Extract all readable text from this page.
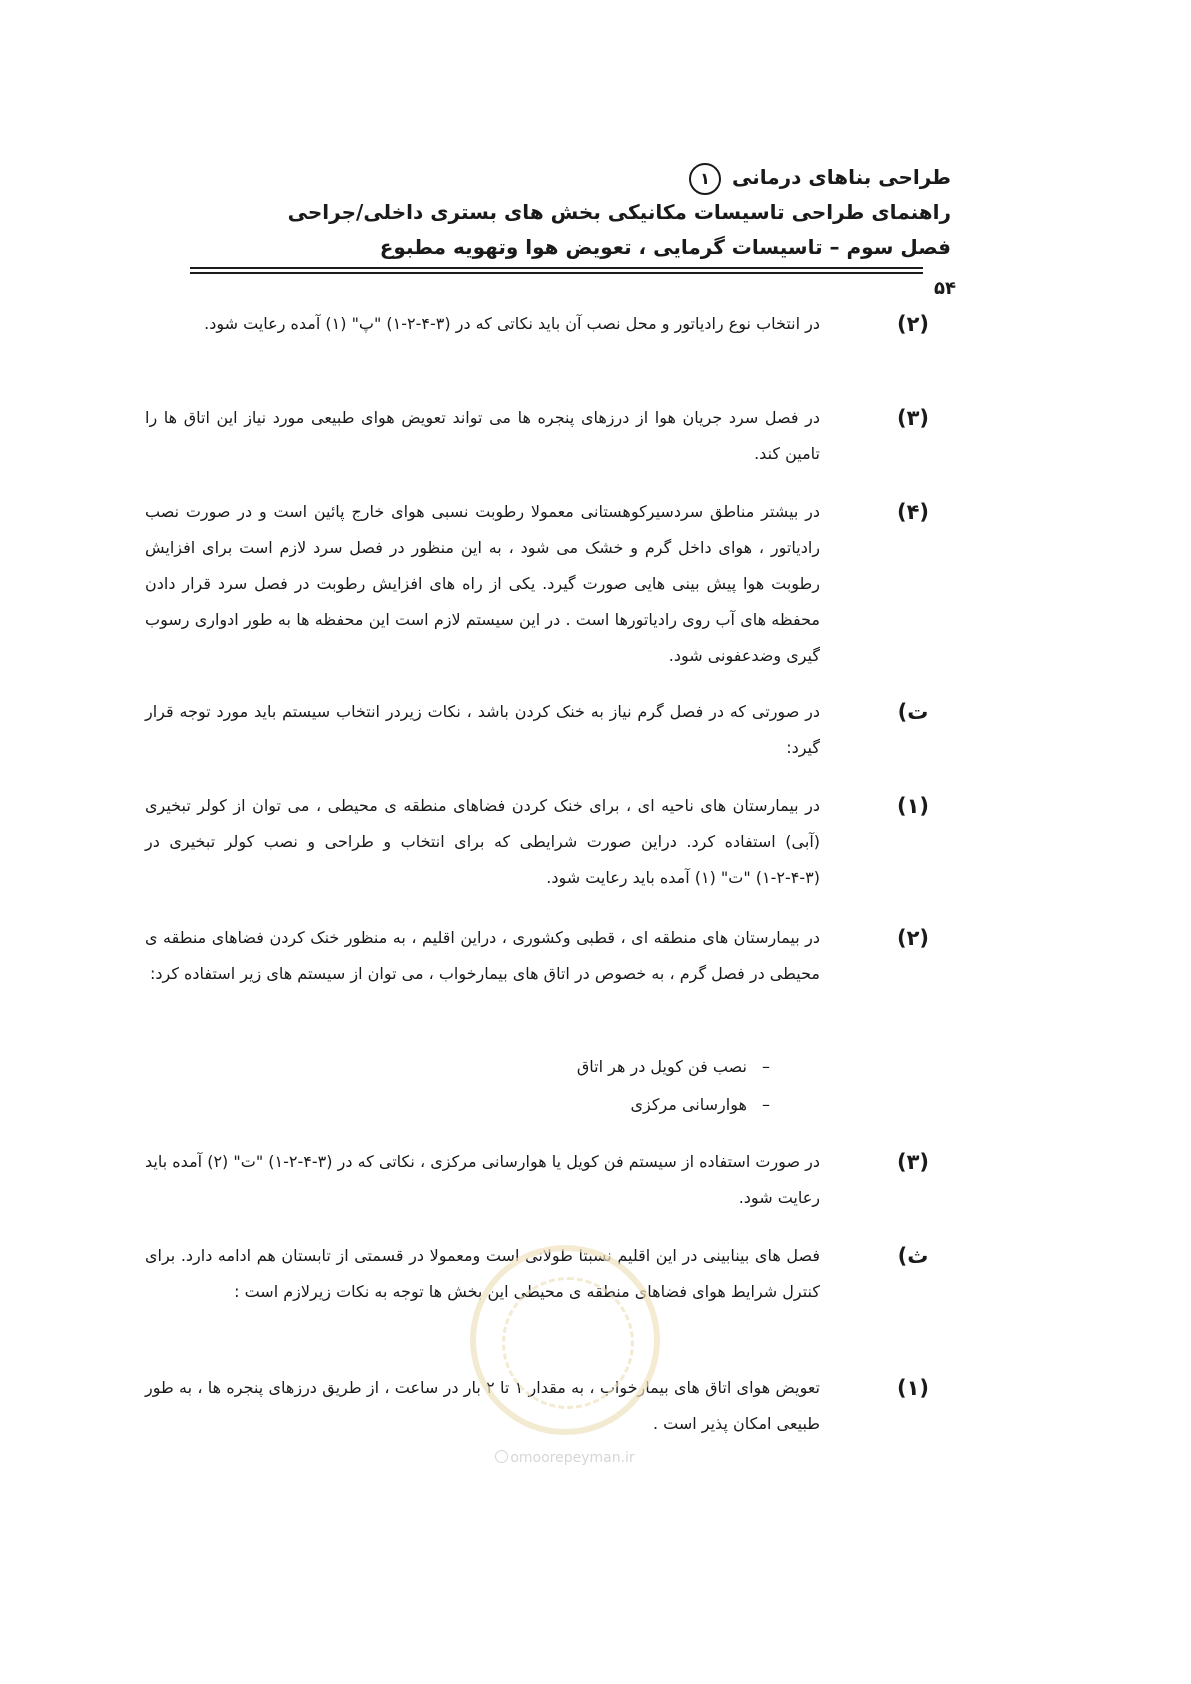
طراحی بناهای درمانی ۱
راهنمای طراحی تاسیسات مکانیکی بخش های بستری داخلی/جراحی
فصل سوم – تاسیسات گرمایی ، تعویض هوا وتهویه مطبوع
۵۴
(۲)
در انتخاب نوع رادیاتور و محل نصب آن باید نکاتی که در (۳-۴-۲-۱) "پ" (۱) آمده رعایت شود.
(۳)
در فصل سرد جریان هوا از درزهای پنجره ها می تواند تعویض هوای طبیعی مورد نیاز این اتاق ها را تامین کند.
(۴)
در بیشتر مناطق سردسیرکوهستانی معمولا رطوبت نسبی هوای خارج پائین است و در صورت نصب رادیاتور ، هوای داخل گرم و خشک می شود ، به این منظور در فصل سرد لازم است برای افزایش رطوبت هوا پیش بینی هایی صورت گیرد. یکی از راه های افزایش رطوبت در فصل سرد قرار دادن محفظه های آب روی رادیاتورها است . در این سیستم لازم است این محفظه ها به طور ادواری رسوب گیری وضدعفونی شود.
ت)
در صورتی که در فصل گرم نیاز به خنک کردن باشد ، نکات زیردر انتخاب سیستم باید مورد توجه قرار گیرد:
(۱)
در بیمارستان های ناحیه ای ، برای خنک کردن فضاهای منطقه ی محیطی ، می توان از کولر تبخیری (آبی) استفاده کرد. دراین صورت شرایطی که برای انتخاب و طراحی و نصب کولر تبخیری در (۳-۴-۲-۱) "ت" (۱) آمده باید رعایت شود.
(۲)
در بیمارستان های منطقه ای ، قطبی وکشوری ، دراین اقلیم ، به منظور خنک کردن فضاهای منطقه ی محیطی در فصل گرم ، به خصوص در اتاق های بیمارخواب ، می توان از سیستم های زیر استفاده کرد:
– نصب فن کویل در هر اتاق
– هوارسانی مرکزی
(۳)
در صورت استفاده از سیستم فن کویل یا هوارسانی مرکزی ، نکاتی که در (۳-۴-۲-۱) "ت" (۲) آمده باید رعایت شود.
ث)
فصل های بینابینی در این اقلیم نسبتا طولانی است ومعمولا در قسمتی از تابستان هم ادامه دارد. برای کنترل شرایط هوای فضاهای منطقه ی محیطی این بخش ها توجه به نکات زیرلازم است :
(۱)
تعویض هوای اتاق های بیمارخواب ، به مقدار ۱ تا ۲ بار در ساعت ، از طریق درزهای پنجره ها ، به طور طبیعی امکان پذیر است .
omoorepeyman.ir
